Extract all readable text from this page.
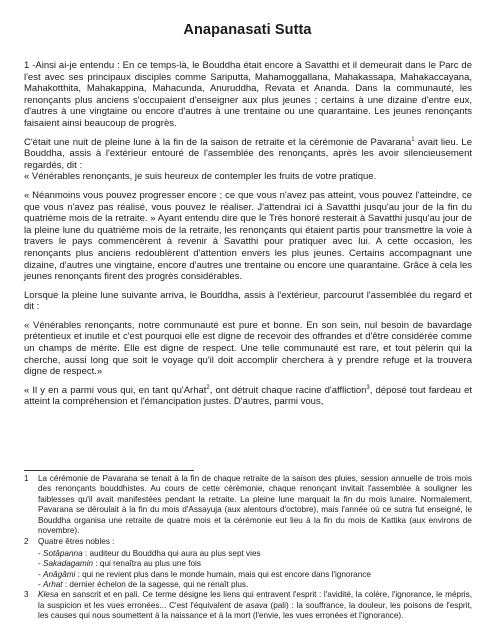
Anapanasati Sutta

1 -Ainsi ai-je entendu : En ce temps-là, le Bouddha était encore à Savatthi et il demeurait dans le Parc de l'est avec ses principaux disciples comme Sariputta, Mahamoggallana, Mahakassapa, Mahakaccayana, Mahakotthita, Mahakappina, Mahacunda, Anuruddha, Revata et Ananda. Dans la communauté, les renonçants plus anciens s'occupaient d'enseigner aux plus jeunes ; certains à une dizaine d'entre eux, d'autres à une vingtaine ou encore d'autres à une trentaine ou une quarantaine. Les jeunes renonçants faisaient ainsi beaucoup de progrès.

C'était une nuit de pleine lune à la fin de la saison de retraite et la cérémonie de Pavarana$^1$ avait lieu. Le Bouddha, assis à l'extérieur entouré de l'assemblée des renonçants, après les avoir silencieusement regardés, dit :

« Vénérables renonçants, je suis heureux de contempler les fruits de votre pratique.

« Néanmoins vous pouvez progresser encore ; ce que vous n'avez pas atteint, vous pouvez l'atteindre, ce que vous n'avez pas réalisé, vous pouvez le réaliser. J'attendrai ici à Savatthi jusqu'au jour de la fin du quatrième mois de la retraite. » Ayant entendu dire que le Très honoré resterait à Savatthi jusqu'au jour de la pleine lune du quatrième mois de la retraite, les renonçants qui étaient partis pour transmettre la voie à travers le pays commencèrent à revenir à Savatthi pour pratiquer avec lui. A cette occasion, les renonçants plus anciens redoublèrent d'attention envers les plus jeunes. Certains accompagnant une dizaine, d'autres une vingtaine, encore d'autres une trentaine ou encore une quarantaine. Grâce à cela les jeunes renonçants firent des progrès considérables.

Lorsque la pleine lune suivante arriva, le Bouddha, assis à l'extérieur, parcourut l'assemblée du regard et dit :

« Vénérables renonçants, notre communauté est pure et bonne. En son sein, nul besoin de bavardage prétentieux et inutile et c'est pourquoi elle est digne de recevoir des offrandes et d'être considérée comme un champs de mérite. Elle est digne de respect. Une telle communauté est rare, et tout pèlerin qui la cherche, aussi long que soit le voyage qu'il doit accomplir cherchera à y prendre refuge et la trouvera digne de respect.»

« Il y en a parmi vous qui, en tant qu'Arhat$^2$, ont détruit chaque racine d'affliction$^3$, déposé tout fardeau et atteint la compréhension et l'émancipation justes. D'autres, parmi vous,

1	La cérémonie de Pavarana se tenait à la fin de chaque retraite de la saison des pluies, session annuelle de trois mois des renonçants bouddhistes. Au cours de cette cérémonie, chaque renonçant invitait l'assemblée à souligner les faiblesses qu'il avait manifestées pendant la retraite. La pleine lune marquait la fin du mois lunaire. Normalement, Pavarana se déroulait à la fin du mois d'Assayuja (aux alentours d'octobre), mais l'année où ce sutra fut enseigné, le Bouddha organisa une retraite de quatre mois et la cérémonie eut lieu à la fin du mois de Kattika (aux environs de novembre).
2	Quatre êtres nobles :
- Sotâpanna : auditeur du Bouddha qui aura au plus sept vies
- Sakadagamin : qui renaîtra au plus une fois
- Anâgâmi : qui ne revient plus dans le monde humain, mais qui est encore dans l'ignorance
- Arhat : dernier échelon de la sagesse, qui ne renaît plus.
3	Klesa en sanscrit et en pali. Ce terme désigne les liens qui entravent l'esprit : l'avidité, la colère, l'ignorance, le mépris, la suspicion et les vues erronées... C'est l'équivalent de asava (pali) : la souffrance, la douleur, les poisons de l'esprit, les causes qui nous soumettent à la naissance et à la mort (l'envie, les vues erronées et l'ignorance).
